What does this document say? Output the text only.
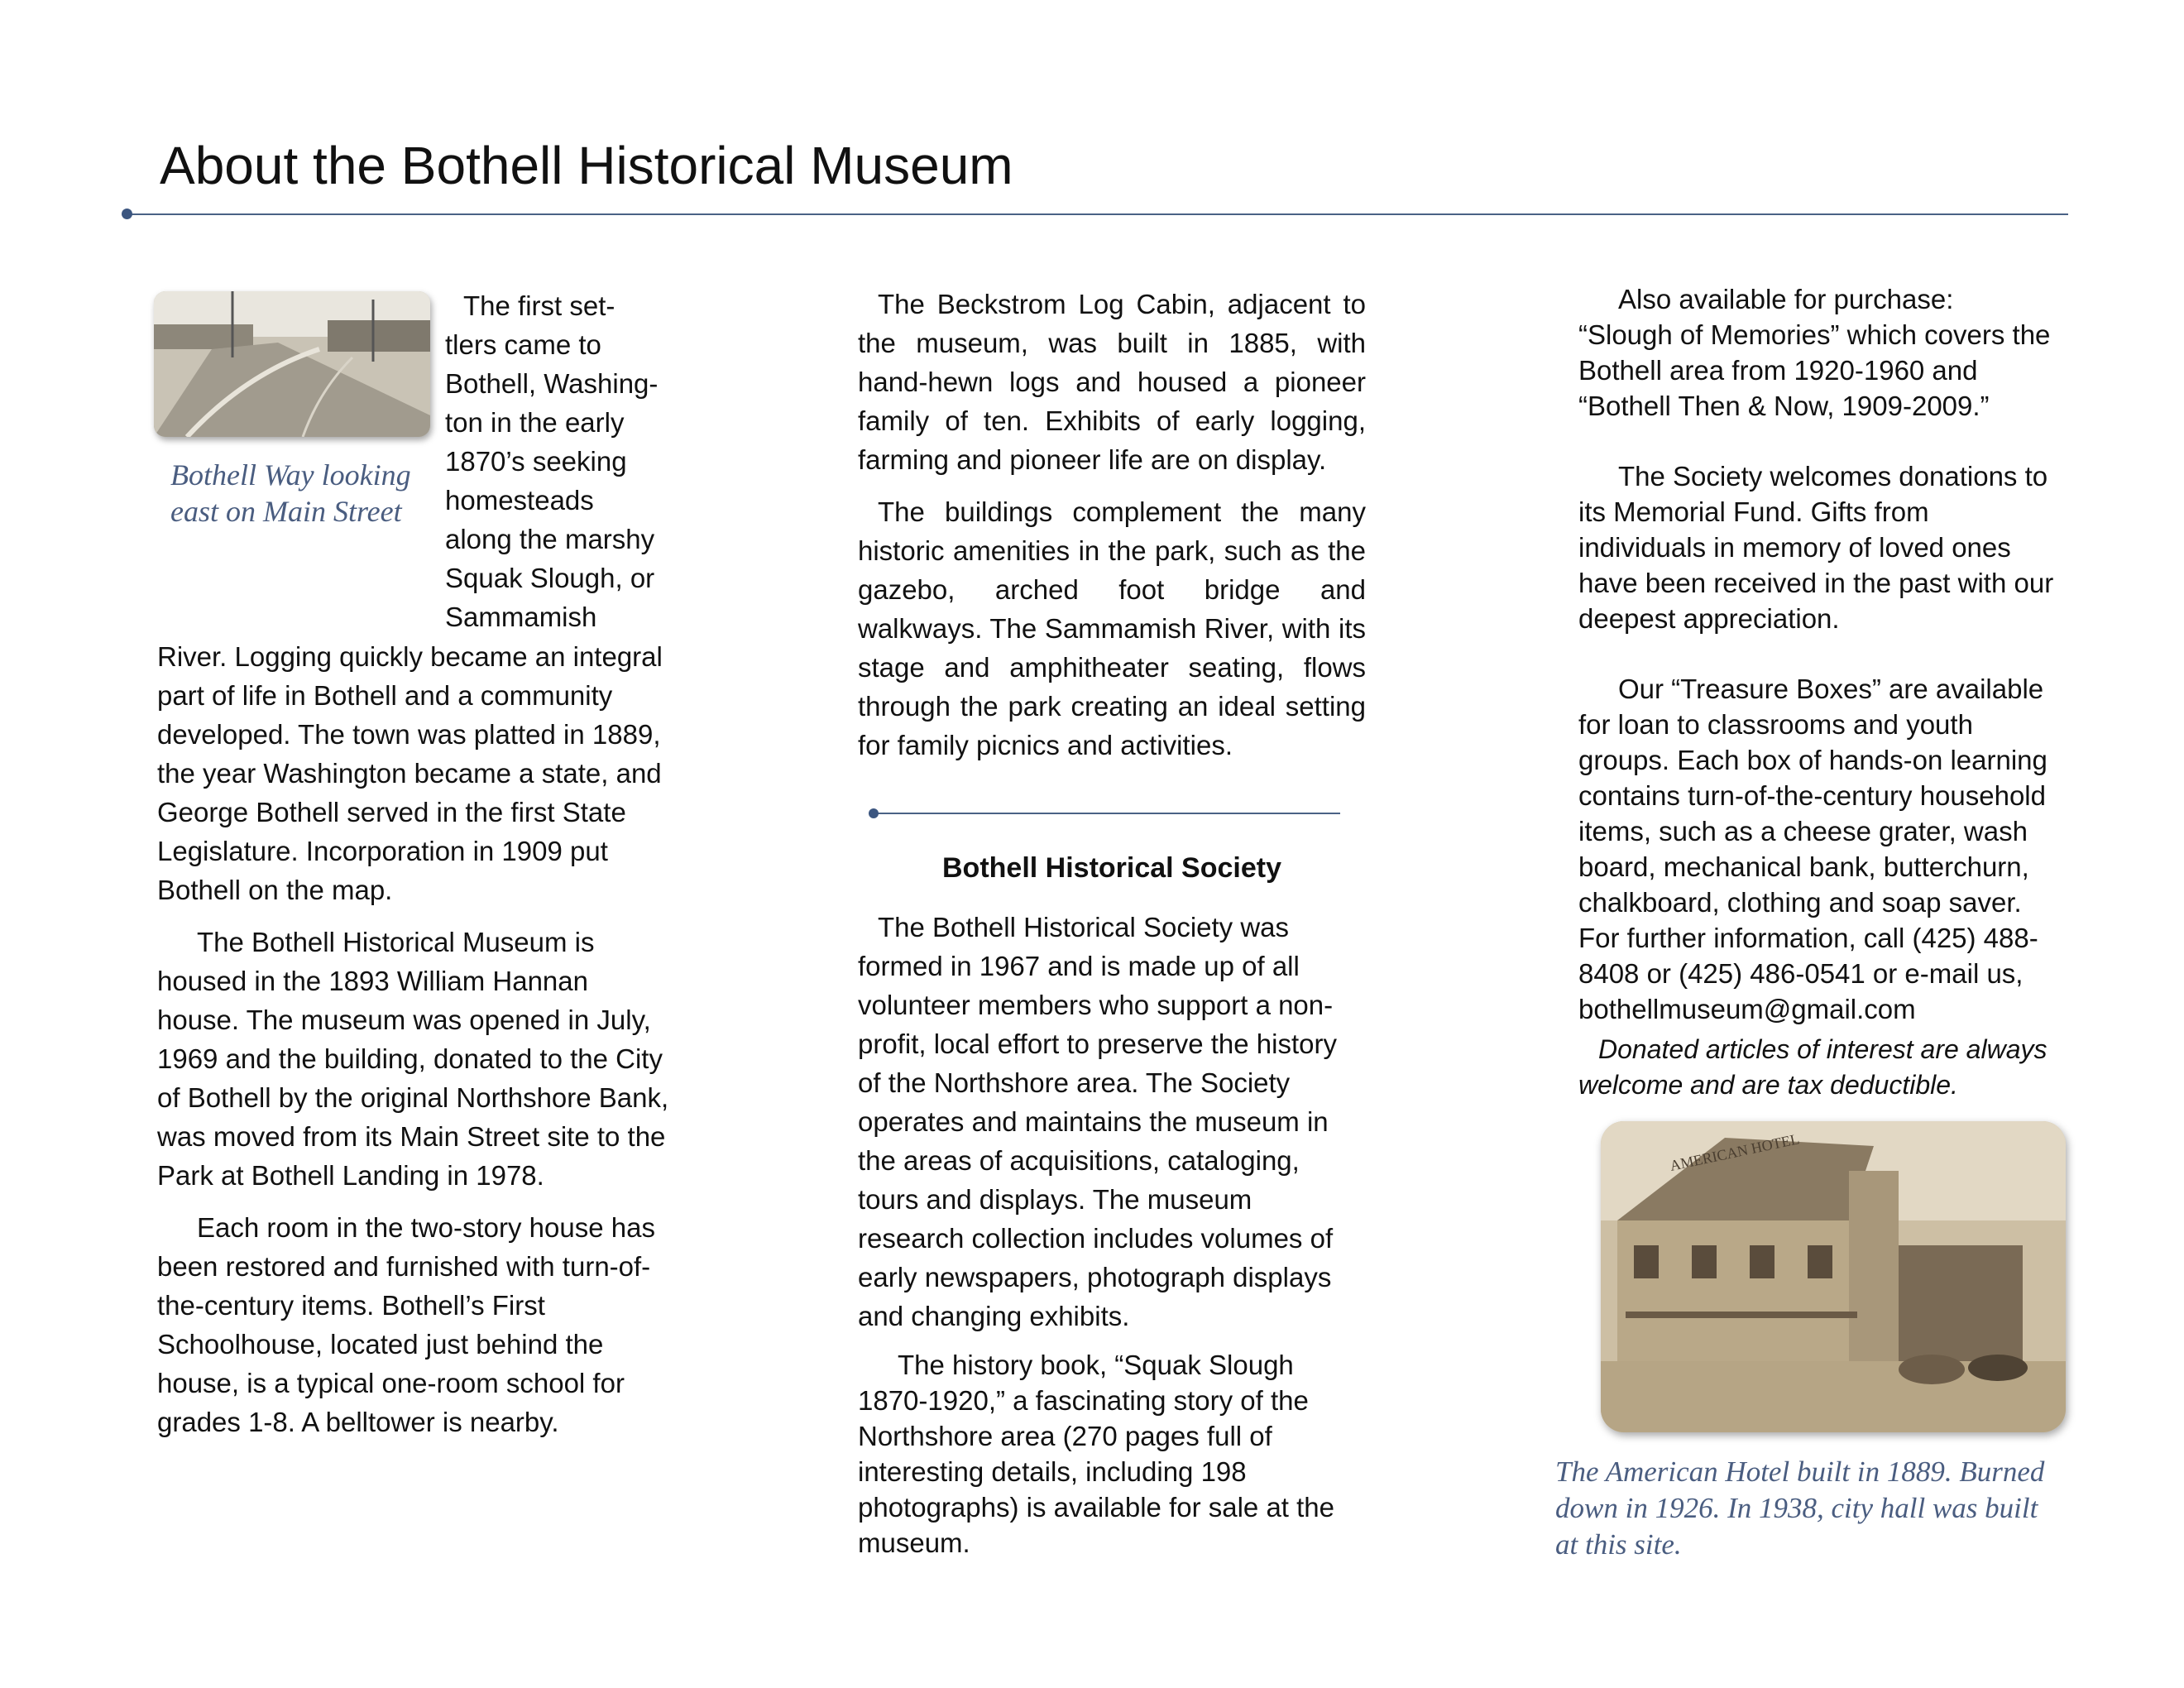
About the Bothell Historical Museum
Bothell Way looking
east on Main Street
The first set-
tlers came to
Bothell, Washing-
ton in the early
1870’s seeking
homesteads
along the marshy
Squak Slough, or
Sammamish

River. Logging quickly became an integral part of life in Bothell and a community developed. The town was platted in 1889, the year Washington became a state, and George Bothell served in the first State Legislature. Incorporation in 1909 put Bothell on the map.

The Bothell Historical Museum is housed in the 1893 William Hannan house. The museum was opened in July, 1969 and the building, donated to the City of Bothell by the original Northshore Bank, was moved from its Main Street site to the Park at Bothell Landing in 1978.

Each room in the two-story house has been restored and furnished with turn-of-the-century items. Bothell’s First Schoolhouse, located just behind the house, is a typical one-room school for grades 1-8. A belltower is nearby.

The Beckstrom Log Cabin, adjacent to the museum, was built in 1885, with hand-hewn logs and housed a pioneer family of ten. Exhibits of early logging, farming and pioneer life are on display.

The buildings complement the many historic amenities in the park, such as the gazebo, arched foot bridge and walkways. The Sammamish River, with its stage and amphitheater seating, flows through the park creating an ideal setting for family picnics and activities.

Bothell Historical Society

The Bothell Historical Society was formed in 1967 and is made up of all volunteer members who support a non-profit, local effort to preserve the history of the Northshore area. The Society operates and maintains the museum in the areas of acquisitions, cataloging, tours and displays. The museum research collection includes volumes of early newspapers, photograph displays and changing exhibits.

The history book, “Squak Slough 1870-1920,” a fascinating story of the Northshore area (270 pages full of interesting details, including 198 photographs) is available for sale at the museum.

Also available for purchase: “Slough of Memories” which covers the Bothell area from 1920-1960 and “Bothell Then & Now, 1909-2009.”

The Society welcomes donations to its Memorial Fund. Gifts from individuals in memory of loved ones have been received in the past with our deepest appreciation.

Our “Treasure Boxes” are available for loan to classrooms and youth groups. Each box of hands-on learning contains turn-of-the-century household items, such as a cheese grater, wash board, mechanical bank, butterchurn, chalkboard, clothing and soap saver. For further information, call (425) 488-8408 or (425) 486-0541 or e-mail us, bothellmuseum@gmail.com

Donated articles of interest are always welcome and are tax deductible.

AMERICAN HOTEL
The American Hotel built in 1889. Burned down in 1926. In 1938, city hall was built at this site.
